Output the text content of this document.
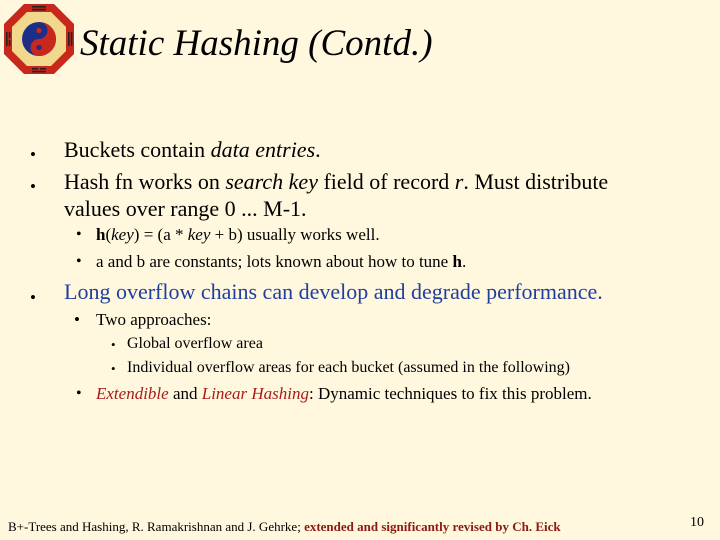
Static Hashing (Contd.)
• Buckets contain data entries.
• Hash fn works on search key field of record r. Must distribute
values over range 0 ... M-1.
• h(key) = (a * key + b) usually works well.
• a and b are constants; lots known about how to tune h.
• Long overflow chains can develop and degrade performance.
• Two approaches:
• Global overflow area
• Individual overflow areas for each bucket (assumed in the following)
• Extendible and Linear Hashing: Dynamic techniques to fix this problem.
B+-Trees and Hashing, R. Ramakrishnan and J. Gehrke; extended and significantly revised by Ch. Eick	10
